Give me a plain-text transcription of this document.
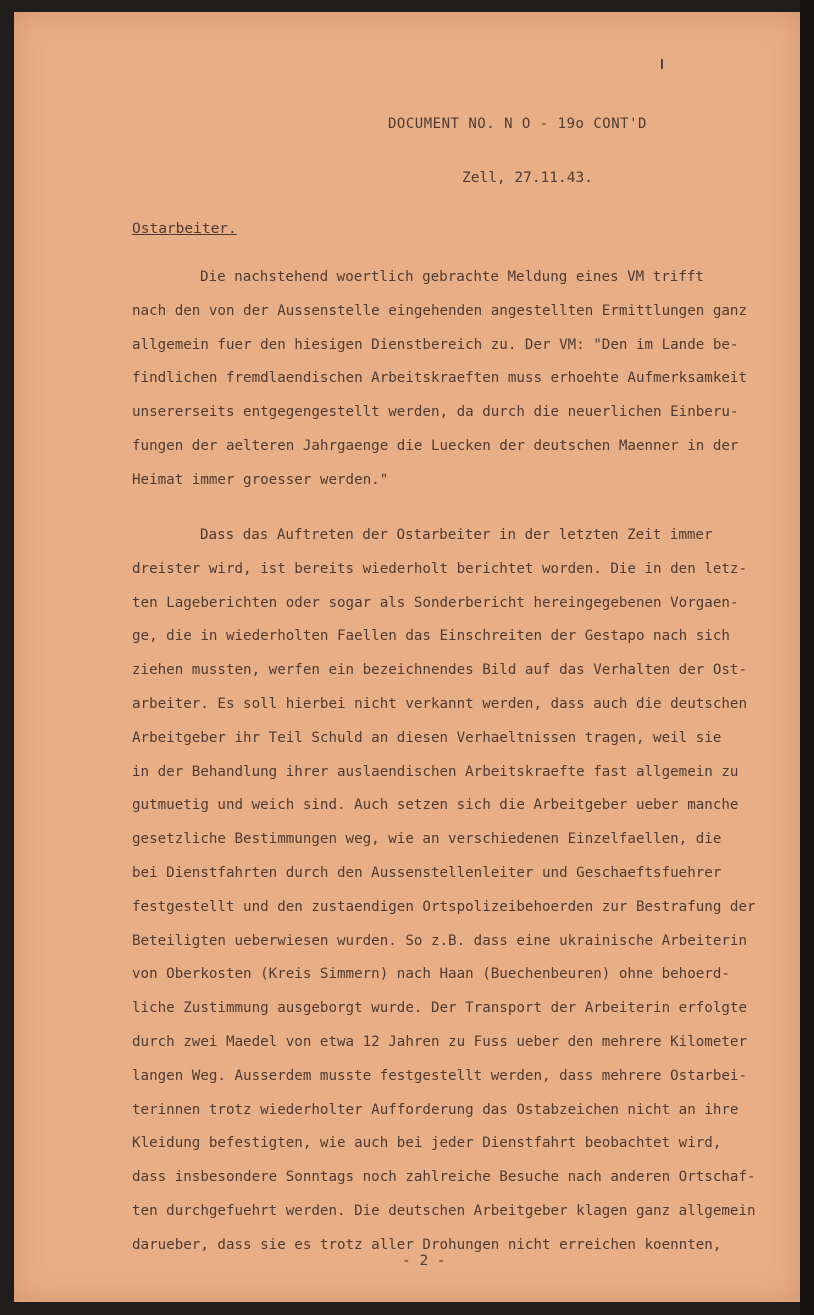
DOCUMENT NO. N O - 19o CONT'D
Zell, 27.11.43.
Ostarbeiter.
Die nachstehend woertlich gebrachte Meldung eines VM trifft
nach den von der Aussenstelle eingehenden angestellten Ermittlungen ganz
allgemein fuer den hiesigen Dienstbereich zu. Der VM: "Den im Lande be-
findlichen fremdlaendischen Arbeitskraeften muss erhoehte Aufmerksamkeit
unsererseits entgegengestellt werden, da durch die neuerlichen Einberu-
fungen der aelteren Jahrgaenge die Luecken der deutschen Maenner in der
Heimat immer groesser werden."
Dass das Auftreten der Ostarbeiter in der letzten Zeit immer
dreister wird, ist bereits wiederholt berichtet worden. Die in den letz-
ten Lageberichten oder sogar als Sonderbericht hereingegebenen Vorgaen-
ge, die in wiederholten Faellen das Einschreiten der Gestapo nach sich
ziehen mussten, werfen ein bezeichnendes Bild auf das Verhalten der Ost-
arbeiter. Es soll hierbei nicht verkannt werden, dass auch die deutschen
Arbeitgeber ihr Teil Schuld an diesen Verhaeltnissen tragen, weil sie
in der Behandlung ihrer auslaendischen Arbeitskraefte fast allgemein zu
gutmuetig und weich sind. Auch setzen sich die Arbeitgeber ueber manche
gesetzliche Bestimmungen weg, wie an verschiedenen Einzelfaellen, die
bei Dienstfahrten durch den Aussenstellenleiter und Geschaeftsfuehrer
festgestellt und den zustaendigen Ortspolizeibehoerden zur Bestrafung der
Beteiligten ueberwiesen wurden. So z.B. dass eine ukrainische Arbeiterin
von Oberkosten (Kreis Simmern) nach Haan (Buechenbeuren) ohne behoerd-
liche Zustimmung ausgeborgt wurde. Der Transport der Arbeiterin erfolgte
durch zwei Maedel von etwa 12 Jahren zu Fuss ueber den mehrere Kilometer
langen Weg. Ausserdem musste festgestellt werden, dass mehrere Ostarbei-
terinnen trotz wiederholter Aufforderung das Ostabzeichen nicht an ihre
Kleidung befestigten, wie auch bei jeder Dienstfahrt beobachtet wird,
dass insbesondere Sonntags noch zahlreiche Besuche nach anderen Ortschaf-
ten durchgefuehrt werden. Die deutschen Arbeitgeber klagen ganz allgemein
darueber, dass sie es trotz aller Drohungen nicht erreichen koennten,
- 2 -
